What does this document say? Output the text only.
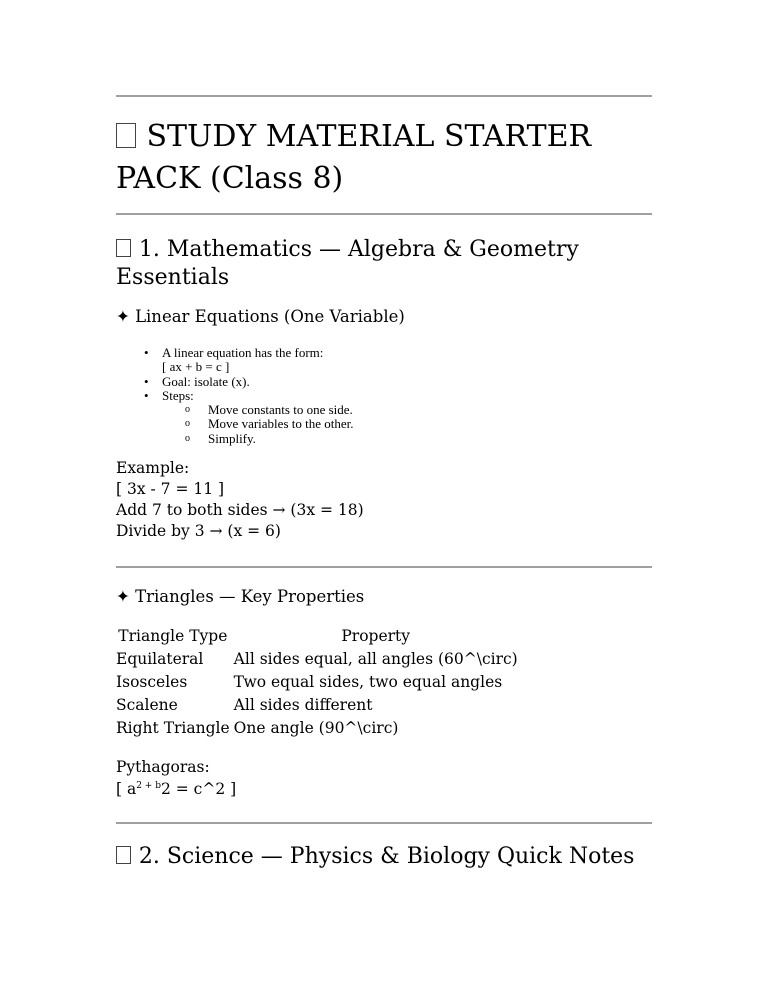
STUDY MATERIAL STARTER PACK (Class 8)
1. Mathematics — Algebra & Geometry Essentials
✦ Linear Equations (One Variable)
• A linear equation has the form:
[ ax + b = c ]
• Goal: isolate (x).
• Steps:
o Move constants to one side.
o Move variables to the other.
o Simplify.
Example:
[ 3x - 7 = 11 ]
Add 7 to both sides → (3x = 18)
Divide by 3 → (x = 6)
✦ Triangles — Key Properties
Triangle Type	Property
Equilateral	All sides equal, all angles (60^\circ)
Isosceles	Two equal sides, two equal angles
Scalene	All sides different
Right Triangle	One angle (90^\circ)
Pythagoras:
[ $a^{2 + b}2$ = c^2 ]
2. Science — Physics & Biology Quick Notes
